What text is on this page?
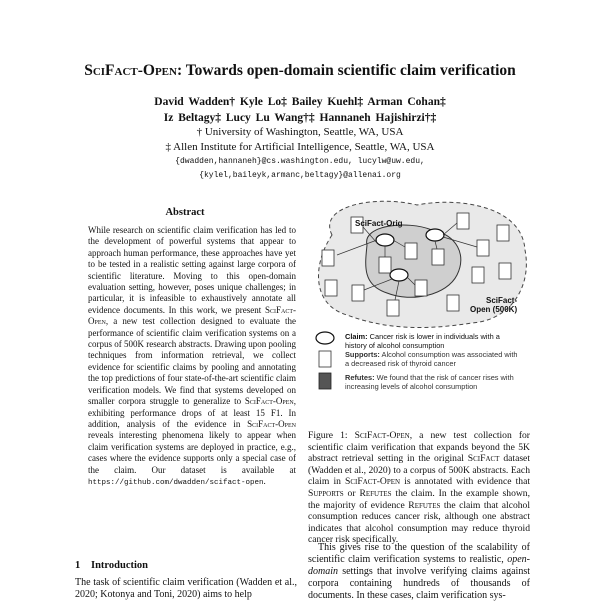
SciFact-Open: Towards open-domain scientific claim verification
David Wadden† Kyle Lo‡ Bailey Kuehl‡ Arman Cohan‡
Iz Beltagy‡ Lucy Lu Wang†‡ Hannaneh Hajishirzi†‡
† University of Washington, Seattle, WA, USA
‡ Allen Institute for Artificial Intelligence, Seattle, WA, USA
{dwadden,hannaneh}@cs.washington.edu, lucylw@uw.edu,
{kylel,baileyk,armanc,beltagy}@allenai.org
Abstract
While research on scientific claim verification has led to the development of powerful systems that appear to approach human performance, these approaches have yet to be tested in a realistic setting against large corpora of scientific literature. Moving to this open-domain evaluation setting, however, poses unique challenges; in particular, it is infeasible to exhaustively annotate all evidence documents. In this work, we present SciFact-Open, a new test collection designed to evaluate the performance of scientific claim verification systems on a corpus of 500K research abstracts. Drawing upon pooling techniques from information retrieval, we collect evidence for scientific claims by pooling and annotating the top predictions of four state-of-the-art scientific claim verification models. We find that systems developed on smaller corpora struggle to generalize to SciFact-Open, exhibiting performance drops of at least 15 F1. In addition, analysis of the evidence in SciFact-Open reveals interesting phenomena likely to appear when claim verification systems are deployed in practice, e.g., cases where the evidence supports only a special case of the claim. Our dataset is available at https://github.com/dwadden/scifact-open.
1 Introduction
The task of scientific claim verification (Wadden et al., 2020; Kotonya and Toni, 2020) aims to help
SciFact-Orig
SciFact-
Open (500K)
Claim: Cancer risk is lower in individuals with a history of alcohol consumption
Supports: Alcohol consumption was associated with a decreased risk of thyroid cancer
Refutes: We found that the risk of cancer rises with increasing levels of alcohol consumption
Figure 1: SciFact-Open, a new test collection for scientific claim verification that expands beyond the 5K abstract retrieval setting in the original SciFact dataset (Wadden et al., 2020) to a corpus of 500K abstracts. Each claim in SciFact-Open is annotated with evidence that Supports or Refutes the claim. In the example shown, the majority of evidence Refutes the claim that alcohol consumption reduces cancer risk, although one abstract indicates that alcohol consumption may reduce thyroid cancer risk specifically.
This gives rise to the question of the scalability of scientific claim verification systems to realistic, open-domain settings that involve verifying claims against corpora containing hundreds of thousands of documents. In these cases, claim verification sys-
